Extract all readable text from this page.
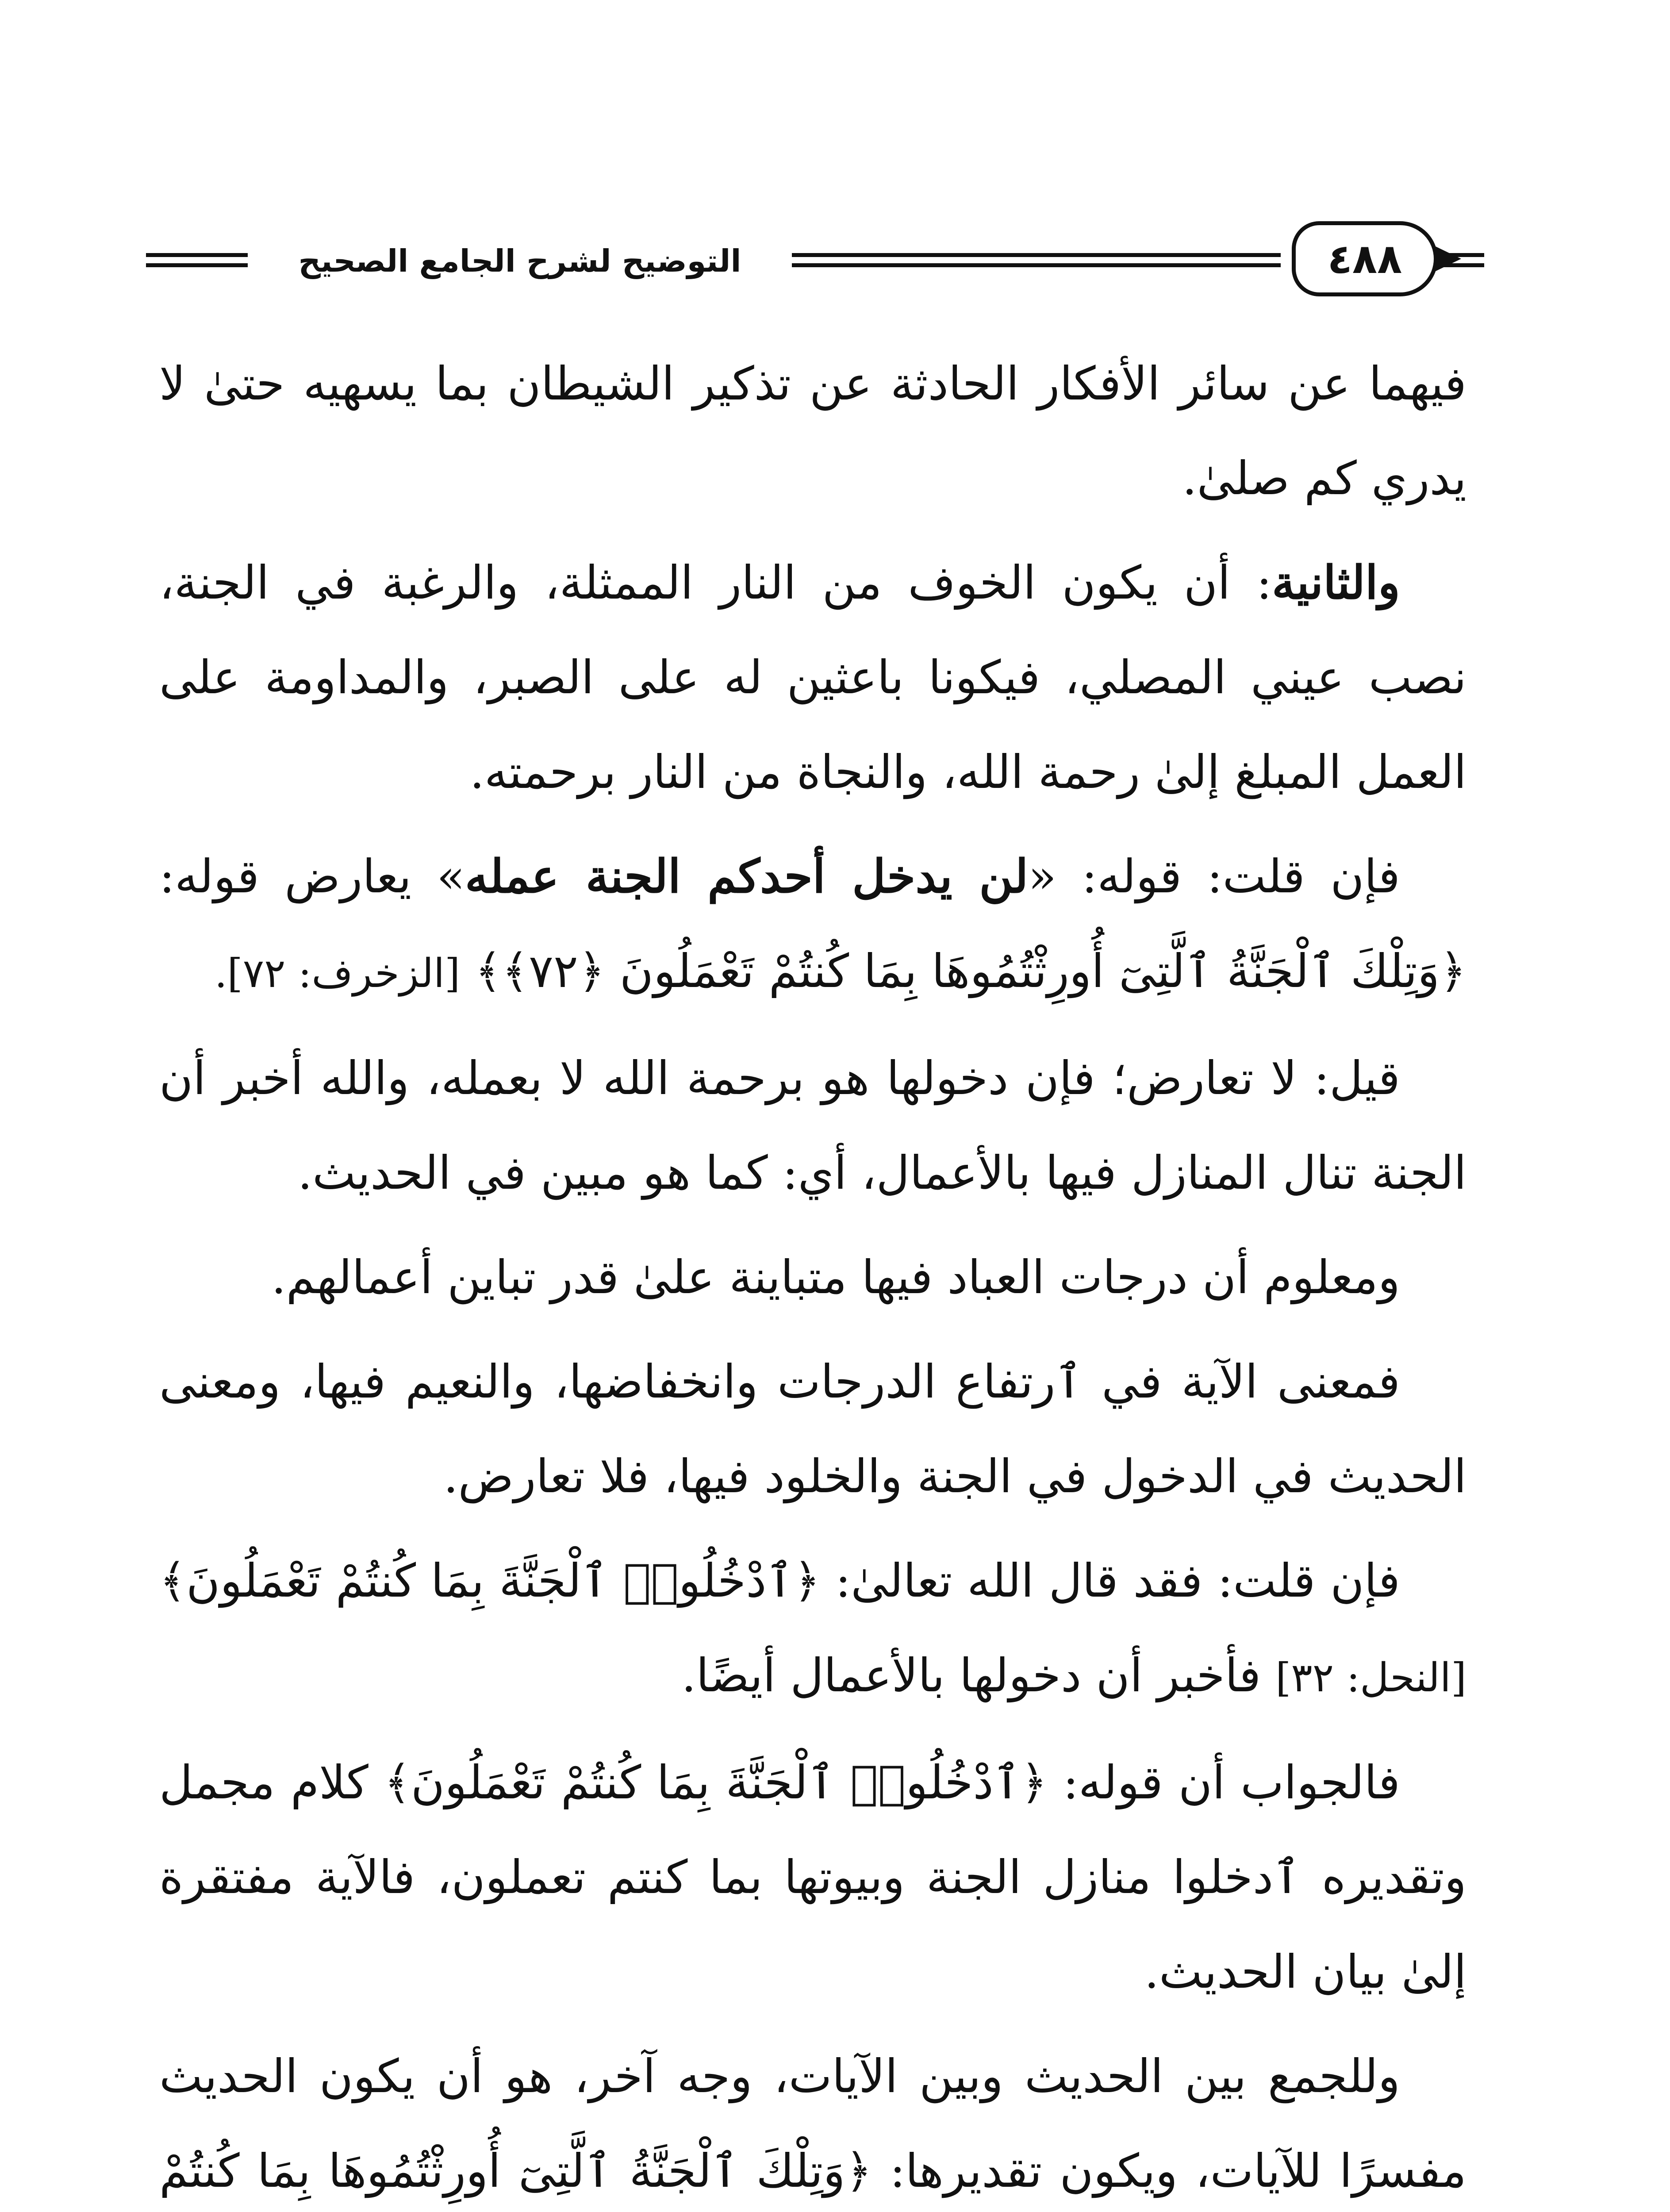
التوضيح لشرح الجامع الصحيح	٤٨٨

فيهما عن سائر الأفكار الحادثة عن تذكير الشيطان بما يسهيه حتىٰ لا يدري كم صلىٰ.

والثانية: أن يكون الخوف من النار الممثلة، والرغبة في الجنة، نصب عيني المصلي، فيكونا باعثين له على الصبر، والمداومة على العمل المبلغ إلىٰ رحمة الله، والنجاة من النار برحمته.

فإن قلت: قوله: «لن يدخل أحدكم الجنة عمله» يعارض قوله: ﴿وَتِلْكَ ٱلْجَنَّةُ ٱلَّتِىٓ أُورِثْتُمُوهَا بِمَا كُنتُمْ تَعْمَلُونَ ﴿٧٢﴾﴾ [الزخرف: ٧٢].

قيل: لا تعارض؛ فإن دخولها هو برحمة الله لا بعمله، والله أخبر أن الجنة تنال المنازل فيها بالأعمال، أي: كما هو مبين في الحديث.

ومعلوم أن درجات العباد فيها متباينة علىٰ قدر تباين أعمالهم.

فمعنى الآية في ٱرتفاع الدرجات وانخفاضها، والنعيم فيها، ومعنى الحديث في الدخول في الجنة والخلود فيها، فلا تعارض.

فإن قلت: فقد قال الله تعالىٰ: ﴿ٱدْخُلُوا۟ ٱلْجَنَّةَ بِمَا كُنتُمْ تَعْمَلُونَ﴾ [النحل: ٣٢] فأخبر أن دخولها بالأعمال أيضًا.

فالجواب أن قوله: ﴿ٱدْخُلُوا۟ ٱلْجَنَّةَ بِمَا كُنتُمْ تَعْمَلُونَ﴾ كلام مجمل وتقديره ٱدخلوا منازل الجنة وبيوتها بما كنتم تعملون، فالآية مفتقرة إلىٰ بيان الحديث.

وللجمع بين الحديث وبين الآيات، وجه آخر، هو أن يكون الحديث مفسرًا للآيات، ويكون تقديرها: ﴿وَتِلْكَ ٱلْجَنَّةُ ٱلَّتِىٓ أُورِثْتُمُوهَا بِمَا كُنتُمْ
